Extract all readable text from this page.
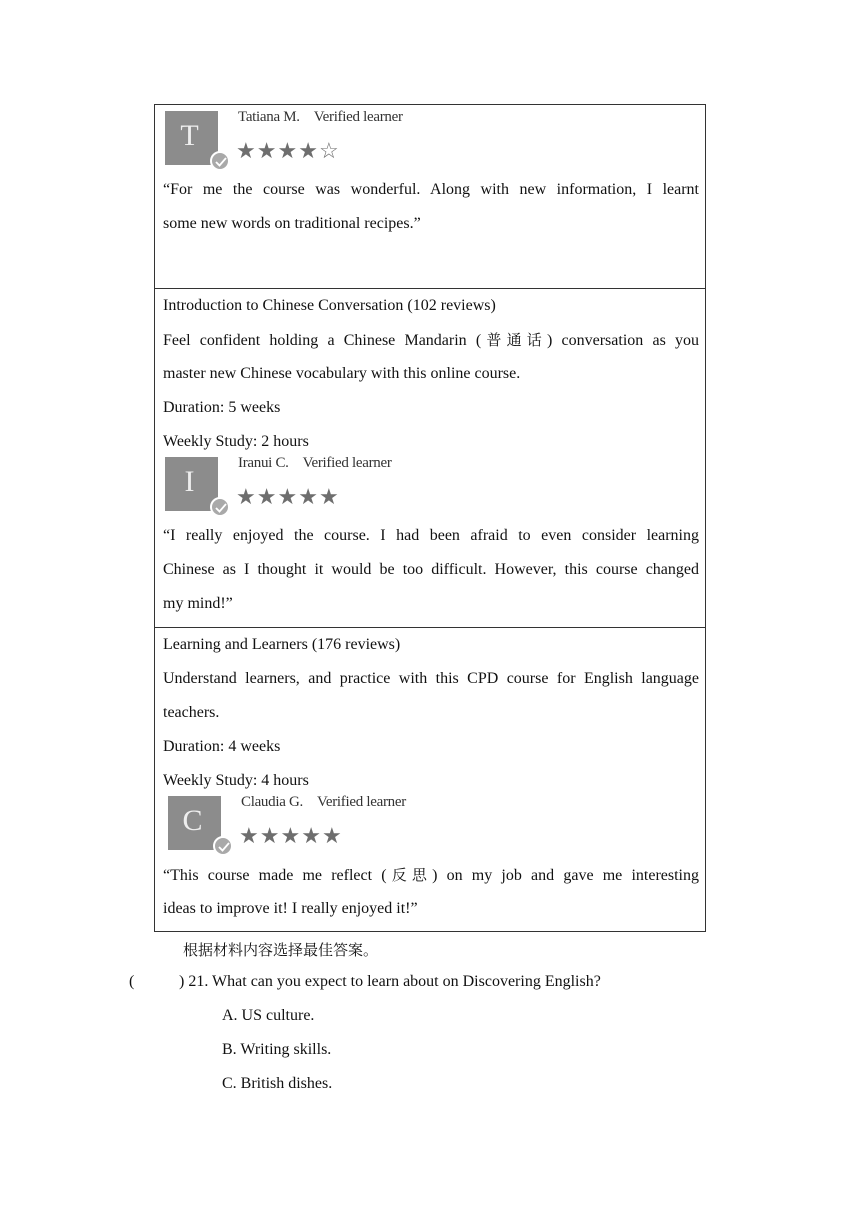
T
Tatiana M. Verified learner
★★★★☆
“For me the course was wonderful. Along with new information, I learnt
some new words on traditional recipes.”
Introduction to Chinese Conversation (102 reviews)
Feel confident holding a Chinese Mandarin (普通话) conversation as you
master new Chinese vocabulary with this online course.
Duration: 5 weeks
Weekly Study: 2 hours
I
Iranui C. Verified learner
★★★★★
“I really enjoyed the course. I had been afraid to even consider learning
Chinese as I thought it would be too difficult. However, this course changed
my mind!”
Learning and Learners (176 reviews)
Understand learners, and practice with this CPD course for English language
teachers.
Duration: 4 weeks
Weekly Study: 4 hours
C
Claudia G. Verified learner
★★★★★
“This course made me reflect (反思) on my job and gave me interesting
ideas to improve it! I really enjoyed it!”
根据材料内容选择最佳答案。
(	) 21. What can you expect to learn about on Discovering English?
A. US culture.
B. Writing skills.
C. British dishes.
